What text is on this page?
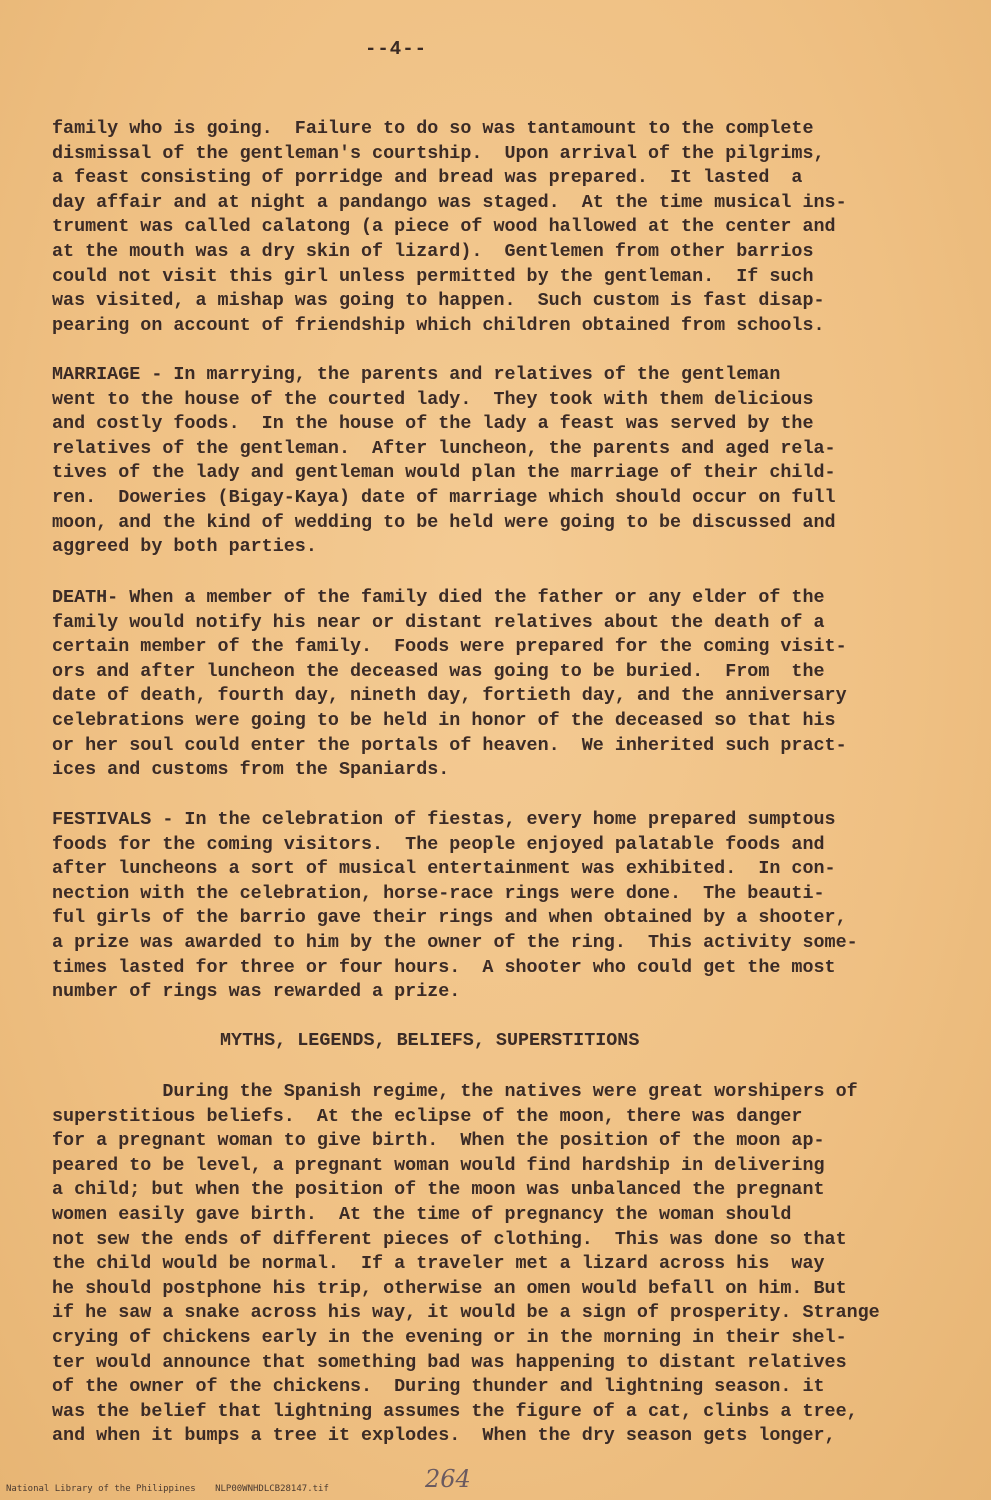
--4--

family who is going.  Failure to do so was tantamount to the complete
dismissal of the gentleman's courtship.  Upon arrival of the pilgrims,
a feast consisting of porridge and bread was prepared.  It lasted  a
day affair and at night a pandango was staged.  At the time musical ins-
trument was called calatong (a piece of wood hallowed at the center and
at the mouth was a dry skin of lizard).  Gentlemen from other barrios
could not visit this girl unless permitted by the gentleman.  If such
was visited, a mishap was going to happen.  Such custom is fast disap-
pearing on account of friendship which children obtained from schools.

MARRIAGE - In marrying, the parents and relatives of the gentleman
went to the house of the courted lady.  They took with them delicious
and costly foods.  In the house of the lady a feast was served by the
relatives of the gentleman.  After luncheon, the parents and aged rela-
tives of the lady and gentleman would plan the marriage of their child-
ren.  Doweries (Bigay-Kaya) date of marriage which should occur on full
moon, and the kind of wedding to be held were going to be discussed and
aggreed by both parties.

DEATH- When a member of the family died the father or any elder of the
family would notify his near or distant relatives about the death of a
certain member of the family.  Foods were prepared for the coming visit-
ors and after luncheon the deceased was going to be buried.  From  the
date of death, fourth day, nineth day, fortieth day, and the anniversary
celebrations were going to be held in honor of the deceased so that his
or her soul could enter the portals of heaven.  We inherited such pract-
ices and customs from the Spaniards.

FESTIVALS - In the celebration of fiestas, every home prepared sumptous
foods for the coming visitors.  The people enjoyed palatable foods and
after luncheons a sort of musical entertainment was exhibited.  In con-
nection with the celebration, horse-race rings were done.  The beauti-
ful girls of the barrio gave their rings and when obtained by a shooter,
a prize was awarded to him by the owner of the ring.  This activity some-
times lasted for three or four hours.  A shooter who could get the most
number of rings was rewarded a prize.

MYTHS, LEGENDS, BELIEFS, SUPERSTITIONS

During the Spanish regime, the natives were great worshipers of
superstitious beliefs.  At the eclipse of the moon, there was danger
for a pregnant woman to give birth.  When the position of the moon ap-
peared to be level, a pregnant woman would find hardship in delivering
a child; but when the position of the moon was unbalanced the pregnant
women easily gave birth.  At the time of pregnancy the woman should
not sew the ends of different pieces of clothing.  This was done so that
the child would be normal.  If a traveler met a lizard across his  way
he should postphone his trip, otherwise an omen would befall on him. But
if he saw a snake across his way, it would be a sign of prosperity. Strange
crying of chickens early in the evening or in the morning in their shel-
ter would announce that something bad was happening to distant relatives
of the owner of the chickens.  During thunder and lightning season. it
was the belief that lightning assumes the figure of a cat, clinbs a tree,
and when it bumps a tree it explodes.  When the dry season gets longer,

264
National Library of the Philippines NLP00WNHDLCB28147.tif
